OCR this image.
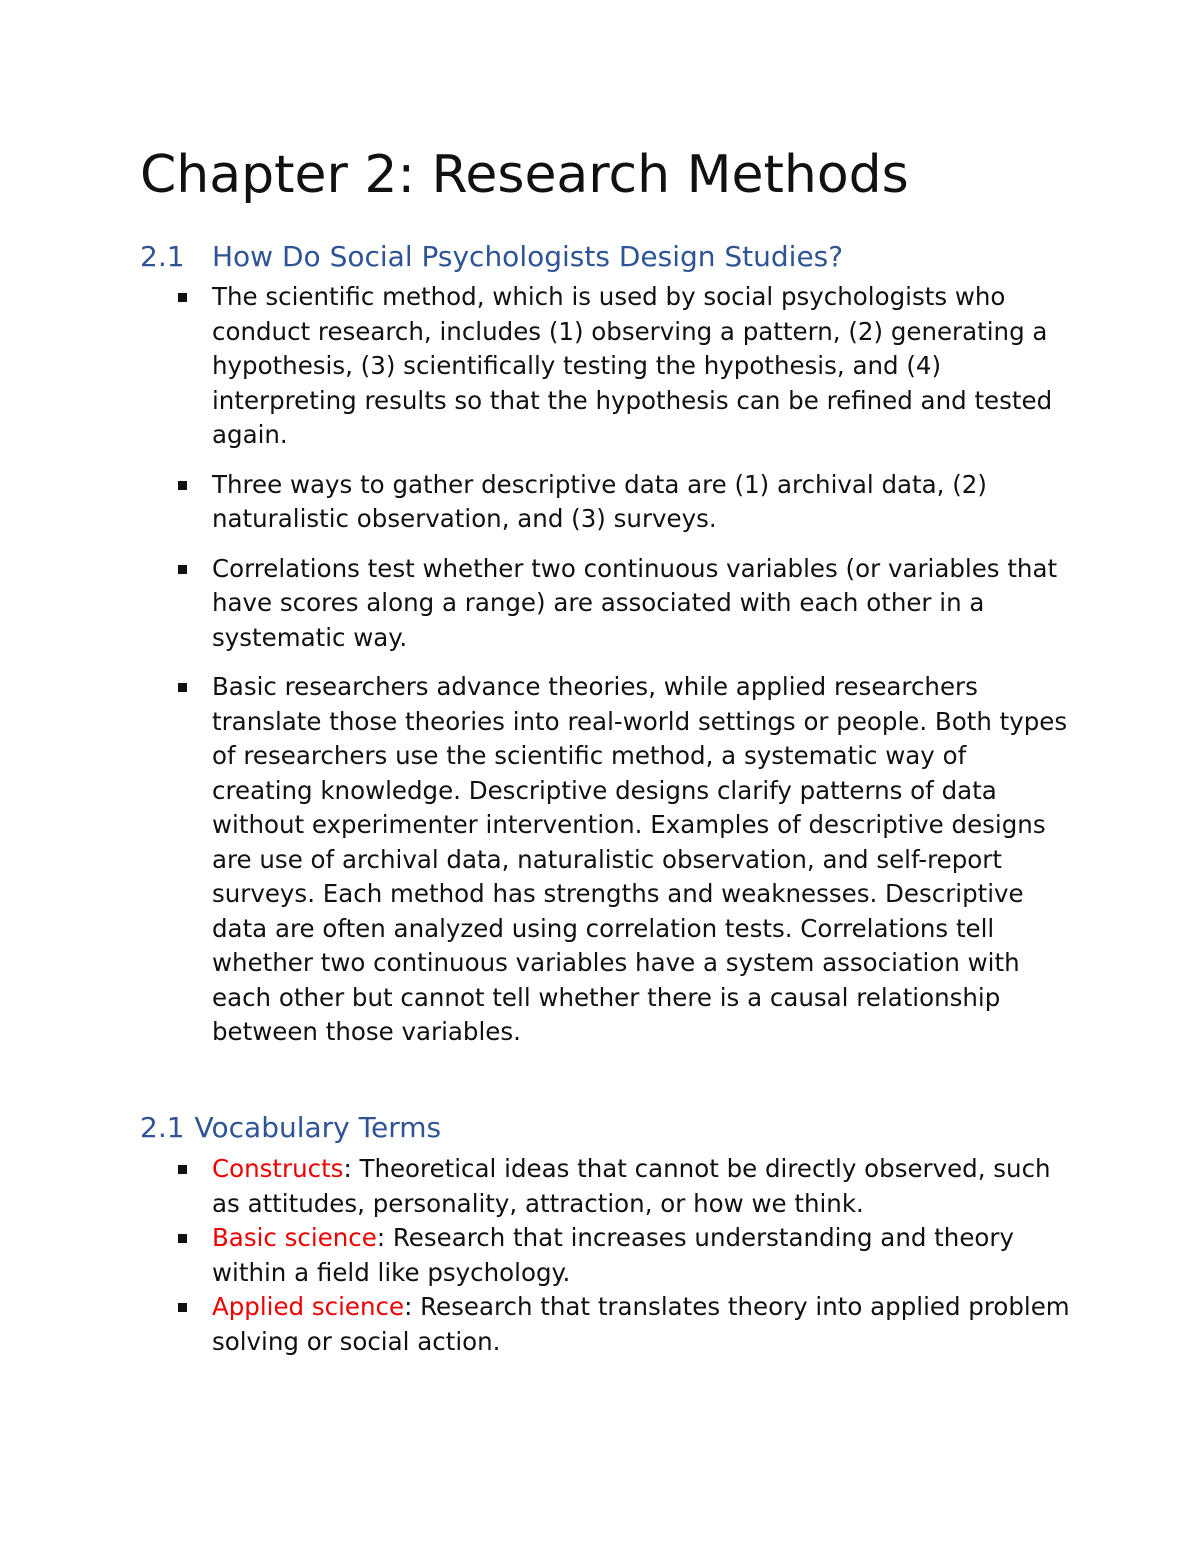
Chapter 2: Research Methods
2.1 How Do Social Psychologists Design Studies?
The scientific method, which is used by social psychologists who conduct research, includes (1) observing a pattern, (2) generating a hypothesis, (3) scientifically testing the hypothesis, and (4) interpreting results so that the hypothesis can be refined and tested again.
Three ways to gather descriptive data are (1) archival data, (2) naturalistic observation, and (3) surveys.
Correlations test whether two continuous variables (or variables that have scores along a range) are associated with each other in a systematic way.
Basic researchers advance theories, while applied researchers translate those theories into real-world settings or people. Both types of researchers use the scientific method, a systematic way of creating knowledge. Descriptive designs clarify patterns of data without experimenter intervention. Examples of descriptive designs are use of archival data, naturalistic observation, and self-report surveys. Each method has strengths and weaknesses. Descriptive data are often analyzed using correlation tests. Correlations tell whether two continuous variables have a system association with each other but cannot tell whether there is a causal relationship between those variables.
2.1 Vocabulary Terms
Constructs: Theoretical ideas that cannot be directly observed, such as attitudes, personality, attraction, or how we think.
Basic science: Research that increases understanding and theory within a field like psychology.
Applied science: Research that translates theory into applied problem solving or social action.
